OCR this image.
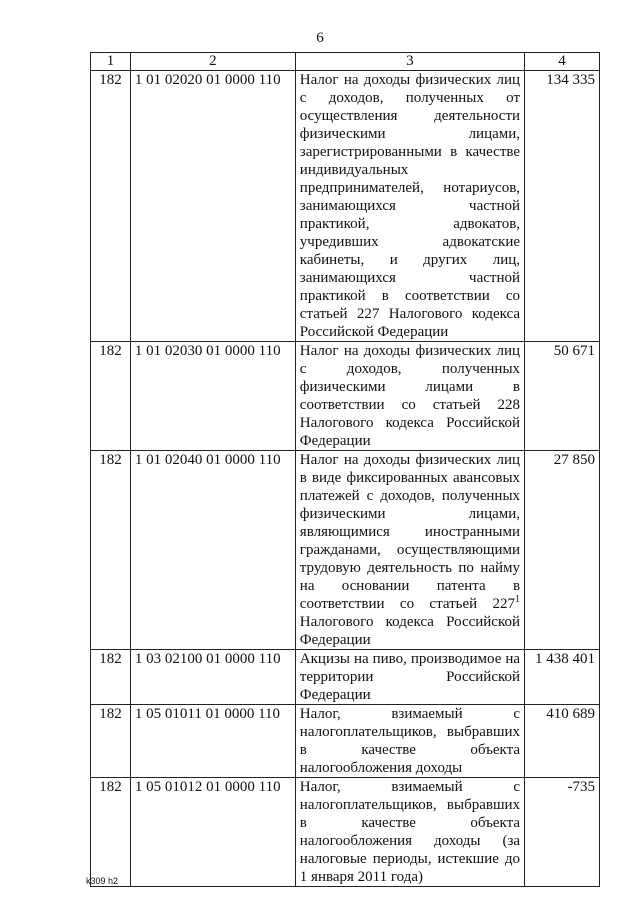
6
1	2	3	4
182	1 01 02020 01 0000 110	Налог на доходы физических лиц с доходов, полученных от осуществления деятельности физическими лицами, зарегистрированными в качестве индивидуальных предпринимателей, нотариусов, занимающихся частной практикой, адвокатов, учредивших адвокатские кабинеты, и других лиц, занимающихся частной практикой в соответствии со статьей 227 Налогового кодекса Российской Федерации	134 335
182	1 01 02030 01 0000 110	Налог на доходы физических лиц с доходов, полученных физическими лицами в соответствии со статьей 228 Налогового кодекса Российской Федерации	50 671
182	1 01 02040 01 0000 110	Налог на доходы физических лиц в виде фиксированных авансовых платежей с доходов, полученных физическими лицами, являющимися иностранными гражданами, осуществляющими трудовую деятельность по найму на основании патента в соответствии со статьей $227^1$ Налогового кодекса Российской Федерации	27 850
182	1 03 02100 01 0000 110	Акцизы на пиво, производимое на территории Российской Федерации	1 438 401
182	1 05 01011 01 0000 110	Налог, взимаемый с налогоплательщиков, выбравших в качестве объекта налогообложения доходы	410 689
182	1 05 01012 01 0000 110	Налог, взимаемый с налогоплательщиков, выбравших в качестве объекта налогообложения доходы (за налоговые периоды, истекшие до 1 января 2011 года)	-735
k309 h2
